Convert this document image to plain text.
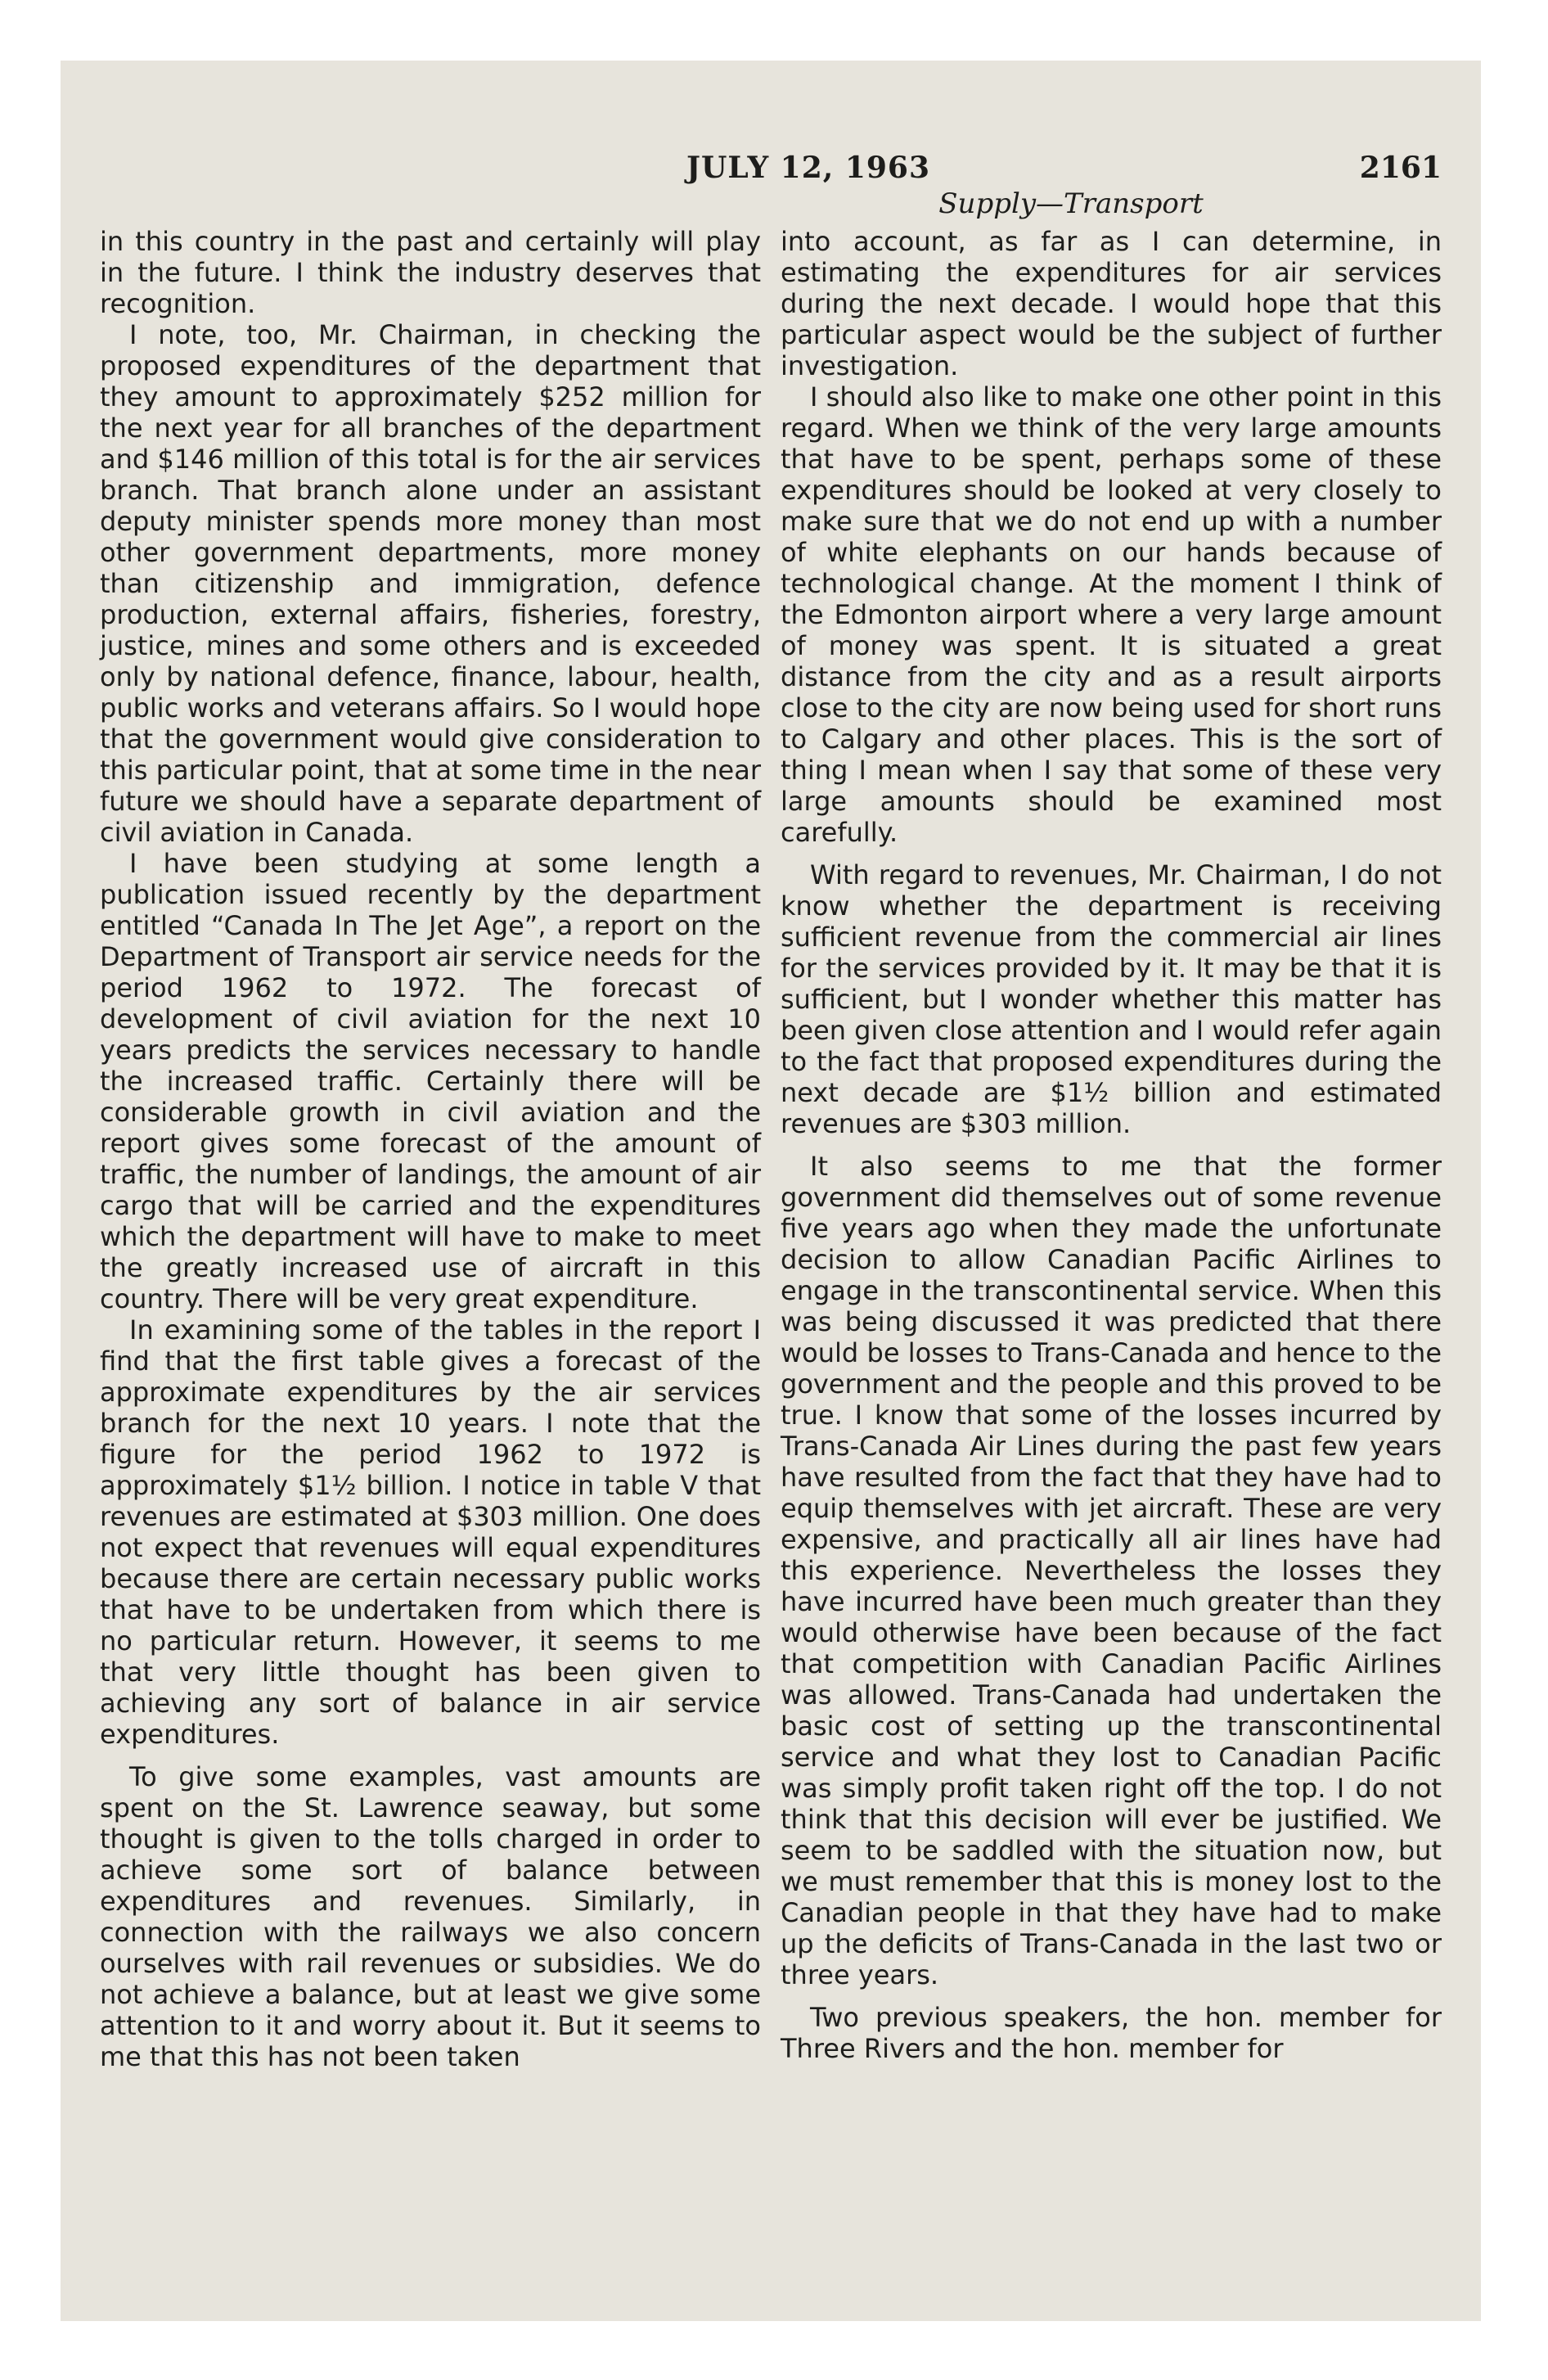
JULY 12, 1963	2161
Supply—Transport

in this country in the past and certainly will play in the future. I think the industry deserves that recognition.

I note, too, Mr. Chairman, in checking the proposed expenditures of the department that they amount to approximately $252 million for the next year for all branches of the department and $146 million of this total is for the air services branch. That branch alone under an assistant deputy minister spends more money than most other government departments, more money than citizenship and immigration, defence production, external affairs, fisheries, forestry, justice, mines and some others and is exceeded only by national defence, finance, labour, health, public works and veterans affairs. So I would hope that the government would give consideration to this particular point, that at some time in the near future we should have a separate department of civil aviation in Canada.

I have been studying at some length a publication issued recently by the department entitled “Canada In The Jet Age”, a report on the Department of Transport air service needs for the period 1962 to 1972. The forecast of development of civil aviation for the next 10 years predicts the services necessary to handle the increased traffic. Certainly there will be considerable growth in civil aviation and the report gives some forecast of the amount of traffic, the number of landings, the amount of air cargo that will be carried and the expenditures which the department will have to make to meet the greatly increased use of aircraft in this country. There will be very great expenditure.

In examining some of the tables in the report I find that the first table gives a forecast of the approximate expenditures by the air services branch for the next 10 years. I note that the figure for the period 1962 to 1972 is approximately $1½ billion. I notice in table V that revenues are estimated at $303 million. One does not expect that revenues will equal expenditures because there are certain necessary public works that have to be undertaken from which there is no particular return. However, it seems to me that very little thought has been given to achieving any sort of balance in air service expenditures.

To give some examples, vast amounts are spent on the St. Lawrence seaway, but some thought is given to the tolls charged in order to achieve some sort of balance between expenditures and revenues. Similarly, in connection with the railways we also concern ourselves with rail revenues or subsidies. We do not achieve a balance, but at least we give some attention to it and worry about it. But it seems to me that this has not been taken

into account, as far as I can determine, in estimating the expenditures for air services during the next decade. I would hope that this particular aspect would be the subject of further investigation.

I should also like to make one other point in this regard. When we think of the very large amounts that have to be spent, perhaps some of these expenditures should be looked at very closely to make sure that we do not end up with a number of white elephants on our hands because of technological change. At the moment I think of the Edmonton airport where a very large amount of money was spent. It is situated a great distance from the city and as a result airports close to the city are now being used for short runs to Calgary and other places. This is the sort of thing I mean when I say that some of these very large amounts should be examined most carefully.

With regard to revenues, Mr. Chairman, I do not know whether the department is receiving sufficient revenue from the commercial air lines for the services provided by it. It may be that it is sufficient, but I wonder whether this matter has been given close attention and I would refer again to the fact that proposed expenditures during the next decade are $1½ billion and estimated revenues are $303 million.

It also seems to me that the former government did themselves out of some revenue five years ago when they made the unfortunate decision to allow Canadian Pacific Airlines to engage in the transcontinental service. When this was being discussed it was predicted that there would be losses to Trans-Canada and hence to the government and the people and this proved to be true. I know that some of the losses incurred by Trans-Canada Air Lines during the past few years have resulted from the fact that they have had to equip themselves with jet aircraft. These are very expensive, and practically all air lines have had this experience. Nevertheless the losses they have incurred have been much greater than they would otherwise have been because of the fact that competition with Canadian Pacific Airlines was allowed. Trans-Canada had undertaken the basic cost of setting up the transcontinental service and what they lost to Canadian Pacific was simply profit taken right off the top. I do not think that this decision will ever be justified. We seem to be saddled with the situation now, but we must remember that this is money lost to the Canadian people in that they have had to make up the deficits of Trans-Canada in the last two or three years.

Two previous speakers, the hon. member for Three Rivers and the hon. member for
